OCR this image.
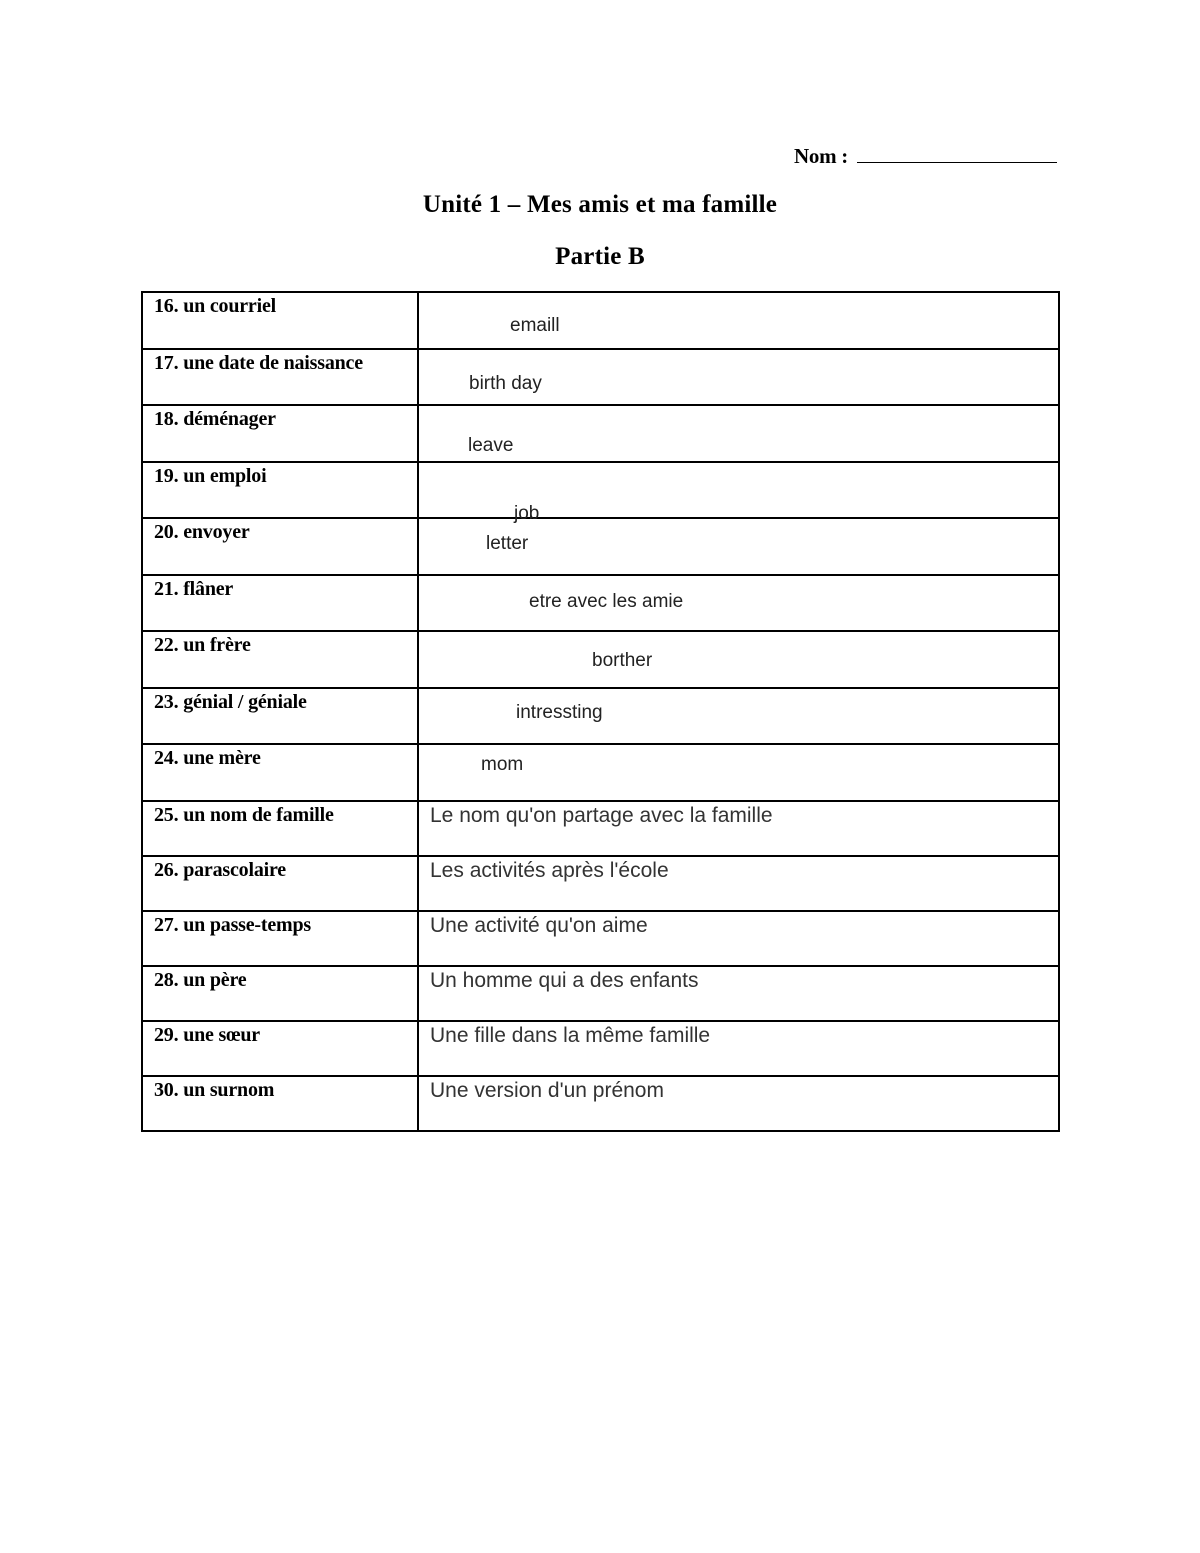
Nom :
Unité 1 – Mes amis et ma famille
Partie B
16. un courriel	emaill

17. une date de naissance	birth day

18. déménager	leave

19. un emploi	job

20. envoyer	letter

21. flâner	etre avec les amie

22. un frère	borther

23. génial / géniale	intressting

24. une mère	mom

25. un nom de famille	Le nom qu'on partage avec la famille

26. parascolaire	Les activités après l'école

27. un passe-temps	Une activité qu'on aime

28. un père	Un homme qui a des enfants

29. une sœur	Une fille dans la même famille

30. un surnom	Une version d'un prénom
